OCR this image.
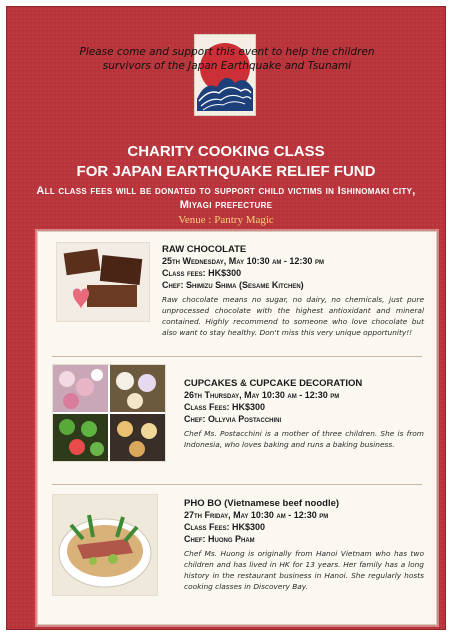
Please come and support this event to help the children survivors of the Japan Earthquake and Tsunami
CHARITY COOKING CLASS
FOR JAPAN EARTHQUAKE RELIEF FUND
All class fees will be donated to support child victims in Ishinomaki city, Miyagi prefecture
Venue : Pantry Magic
RAW CHOCOLATE
25th Wednesday, May 10:30 am - 12:30 pm
Class fees: HK$300
Chef: Shimizu Shima (Sesame Kitchen)
Raw chocolate means no sugar, no dairy, no chemicals, just pure unprocessed chocolate with the highest antioxidant and mineral contained. Highly recommend to someone who love chocolate but also want to stay healthy. Don't miss this very unique opportunity!!
CUPCAKES & CUPCAKE DECORATION
26th Thursday, May 10:30 am - 12:30 pm
Class Fees: HK$300
Chef: Ollyvia Postacchini
Chef Ms. Postacchini is a mother of three children. She is from Indonesia, who loves baking and runs a baking business.
PHO BO (Vietnamese beef noodle)
27th Friday, May 10:30 am - 12:30 pm
Class Fees: HK$300
Chef: Huong Pham
Chef Ms. Huong is originally from Hanoi Vietnam who has two children and has lived in HK for 13 years. Her family has a long history in the restaurant business in Hanoi. She regularly hosts cooking classes in Discovery Bay.
